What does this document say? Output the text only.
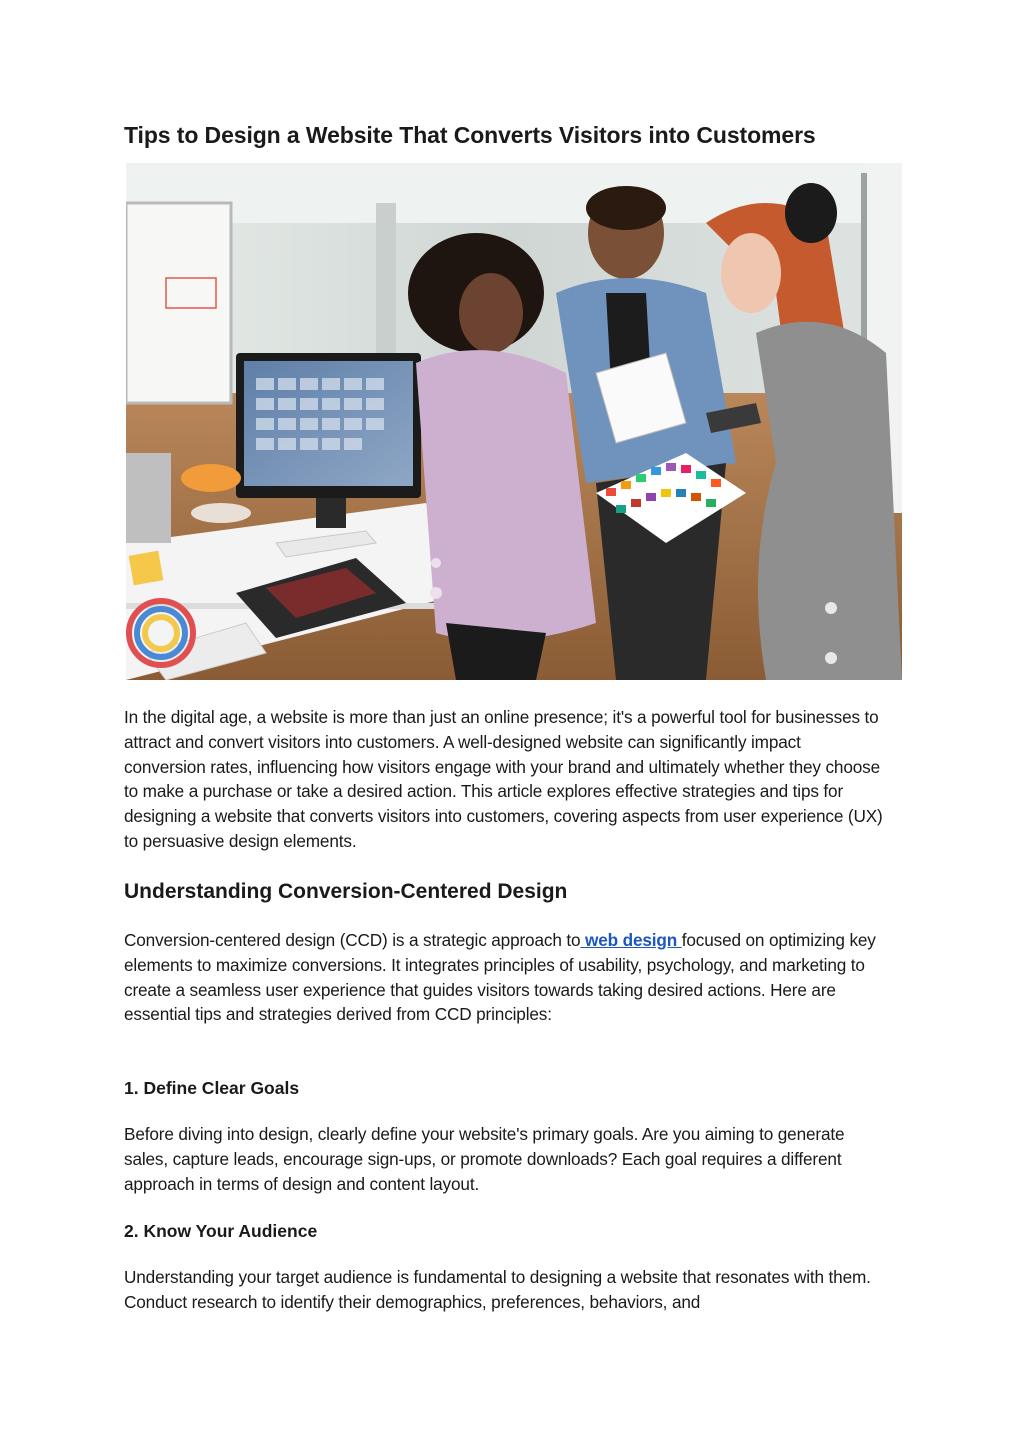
Tips to Design a Website That Converts Visitors into Customers

In the digital age, a website is more than just an online presence; it's a powerful tool for businesses to attract and convert visitors into customers. A well-designed website can significantly impact conversion rates, influencing how visitors engage with your brand and ultimately whether they choose to make a purchase or take a desired action. This article explores effective strategies and tips for designing a website that converts visitors into customers, covering aspects from user experience (UX) to persuasive design elements.

Understanding Conversion-Centered Design

Conversion-centered design (CCD) is a strategic approach to web design focused on optimizing key elements to maximize conversions. It integrates principles of usability, psychology, and marketing to create a seamless user experience that guides visitors towards taking desired actions. Here are essential tips and strategies derived from CCD principles:

1. Define Clear Goals

Before diving into design, clearly define your website's primary goals. Are you aiming to generate sales, capture leads, encourage sign-ups, or promote downloads? Each goal requires a different approach in terms of design and content layout.

2. Know Your Audience

Understanding your target audience is fundamental to designing a website that resonates with them. Conduct research to identify their demographics, preferences, behaviors, and
